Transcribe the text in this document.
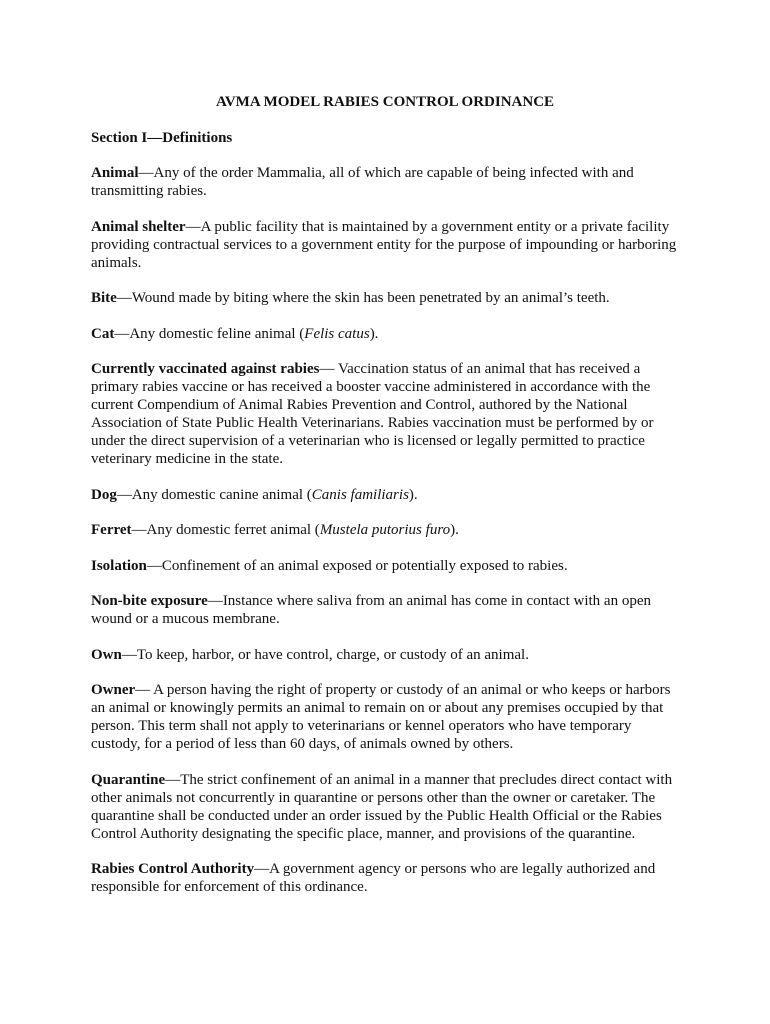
AVMA MODEL RABIES CONTROL ORDINANCE
Section I—Definitions
Animal—Any of the order Mammalia, all of which are capable of being infected with and transmitting rabies.
Animal shelter—A public facility that is maintained by a government entity or a private facility providing contractual services to a government entity for the purpose of impounding or harboring animals.
Bite—Wound made by biting where the skin has been penetrated by an animal’s teeth.
Cat—Any domestic feline animal (Felis catus).
Currently vaccinated against rabies— Vaccination status of an animal that has received a primary rabies vaccine or has received a booster vaccine administered in accordance with the current Compendium of Animal Rabies Prevention and Control, authored by the National Association of State Public Health Veterinarians. Rabies vaccination must be performed by or under the direct supervision of a veterinarian who is licensed or legally permitted to practice veterinary medicine in the state.
Dog—Any domestic canine animal (Canis familiaris).
Ferret—Any domestic ferret animal (Mustela putorius furo).
Isolation—Confinement of an animal exposed or potentially exposed to rabies.
Non-bite exposure—Instance where saliva from an animal has come in contact with an open wound or a mucous membrane.
Own—To keep, harbor, or have control, charge, or custody of an animal.
Owner— A person having the right of property or custody of an animal or who keeps or harbors an animal or knowingly permits an animal to remain on or about any premises occupied by that person. This term shall not apply to veterinarians or kennel operators who have temporary custody, for a period of less than 60 days, of animals owned by others.
Quarantine—The strict confinement of an animal in a manner that precludes direct contact with other animals not concurrently in quarantine or persons other than the owner or caretaker. The quarantine shall be conducted under an order issued by the Public Health Official or the Rabies Control Authority designating the specific place, manner, and provisions of the quarantine.
Rabies Control Authority—A government agency or persons who are legally authorized and responsible for enforcement of this ordinance.
